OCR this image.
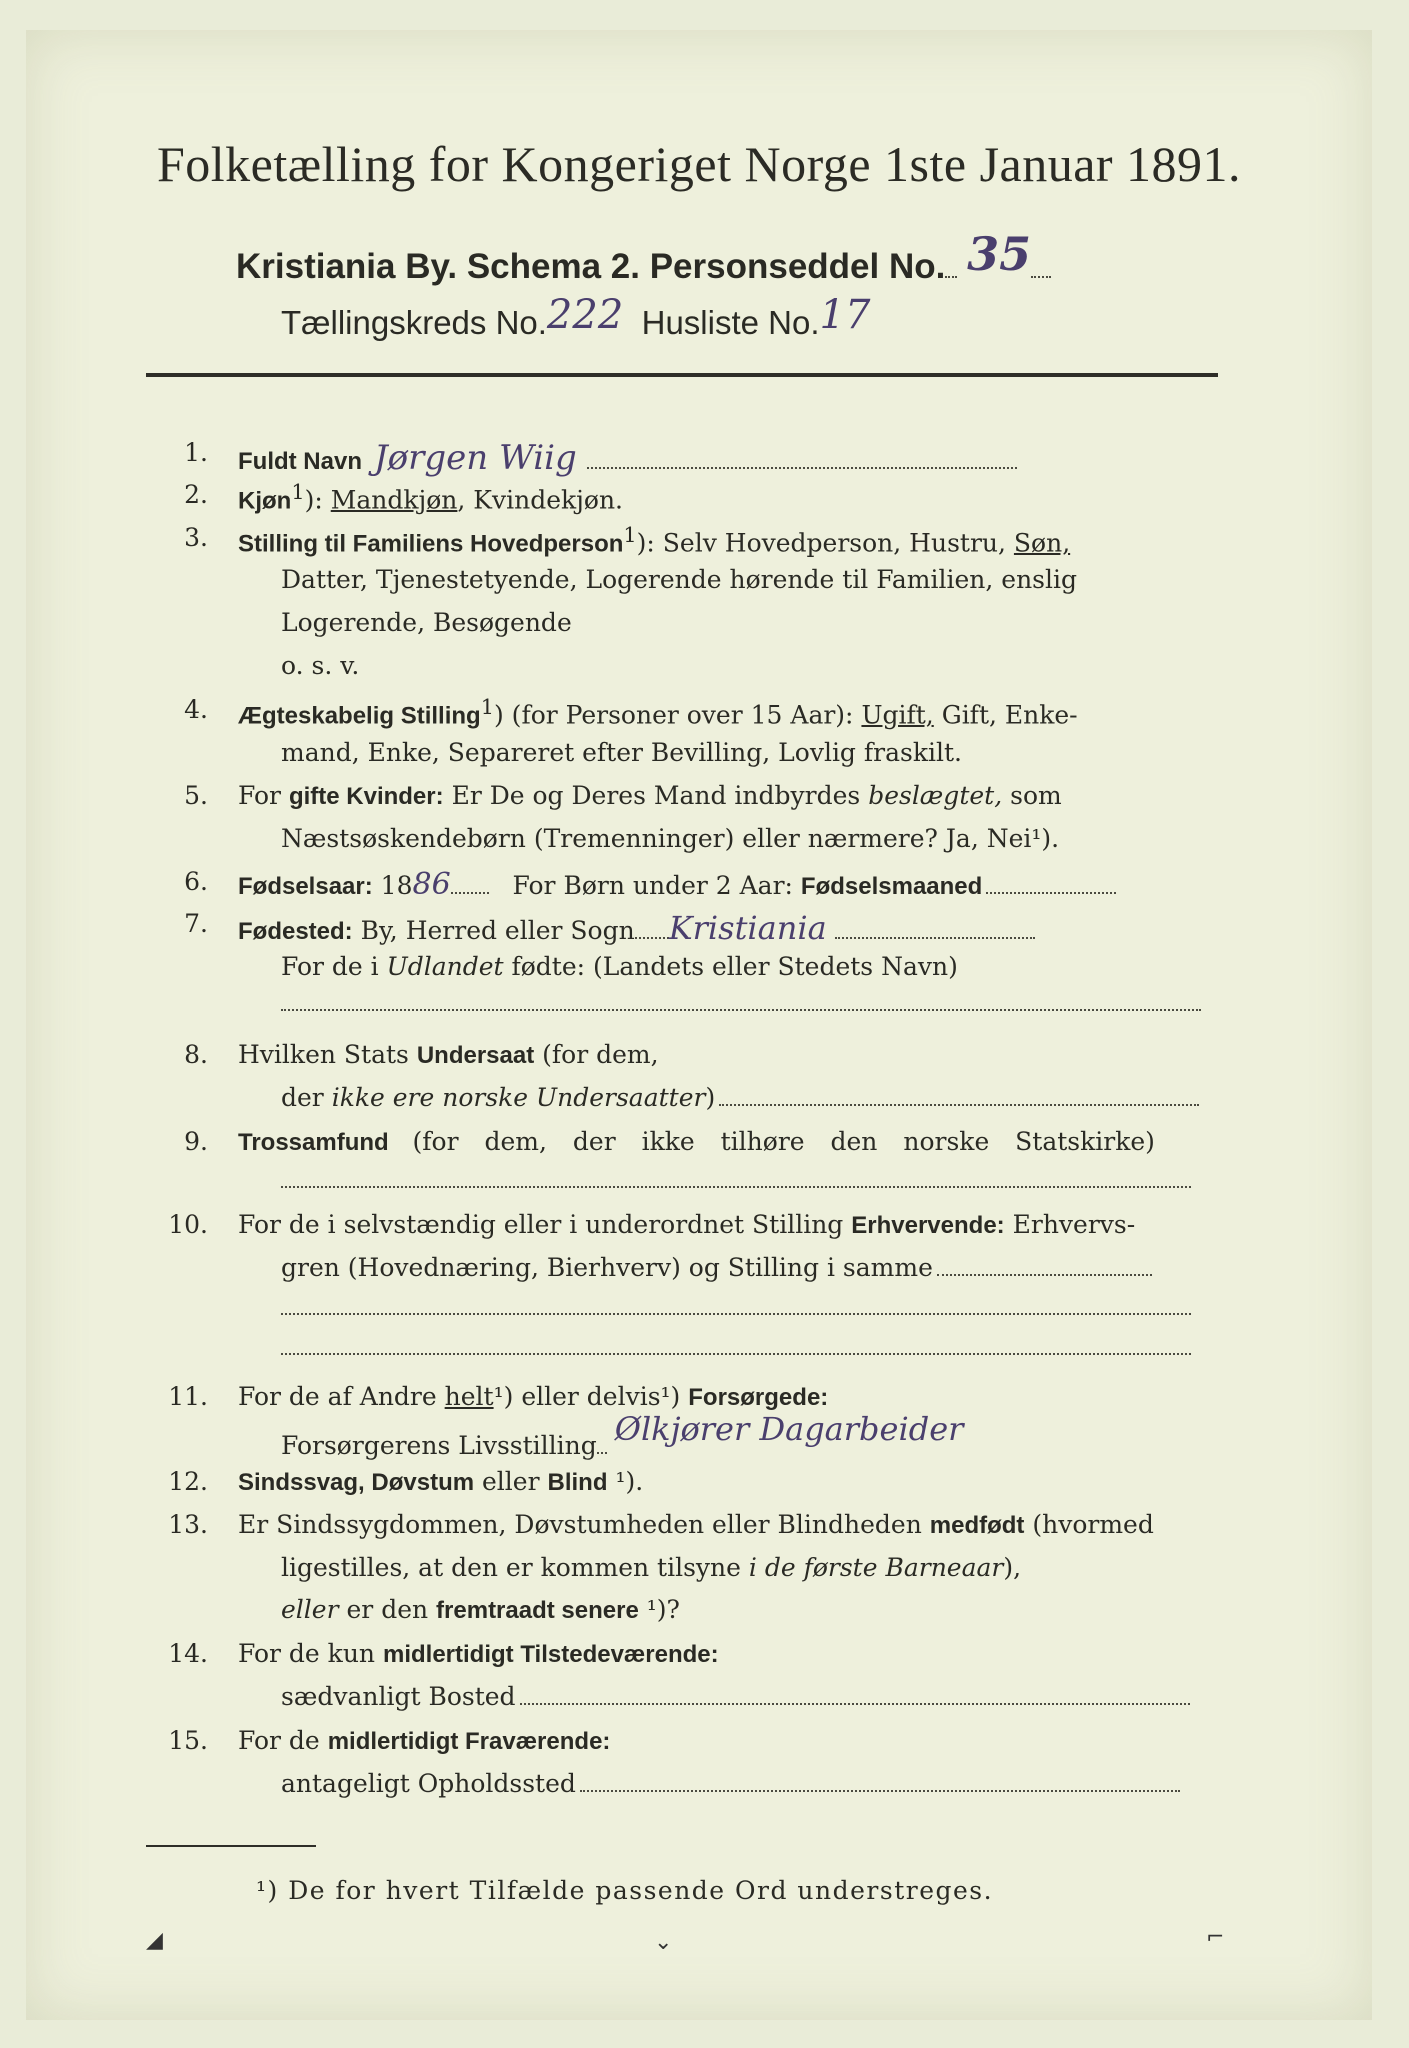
Folketælling for Kongeriget Norge 1ste Januar 1891.
Kristiania By. Schema 2. Personseddel No. 35
Tællingskreds No.222 Husliste No.17
1. Fuldt Navn Jørgen Wiig
2. Kjøn$^1$): Mandkjøn, Kvindekjøn.
3. Stilling til Familiens Hovedperson$^1$): Selv Hovedperson, Hustru, Søn,
Datter, Tjenestetyende, Logerende hørende til Familien, enslig
Logerende, Besøgende
o. s. v.
4. Ægteskabelig Stilling$^1$) (for Personer over 15 Aar): Ugift, Gift, Enke-
mand, Enke, Separeret efter Bevilling, Lovlig fraskilt.
5. For gifte Kvinder: Er De og Deres Mand indbyrdes beslægtet, som
Næstsøskendebørn (Tremenninger) eller nærmere? Ja, Nei¹).
6. Fødselsaar: 1886 For Børn under 2 Aar: Fødselsmaaned
7. Fødested: By, Herred eller Sogn Kristiania
For de i Udlandet fødte: (Landets eller Stedets Navn)
8. Hvilken Stats Undersaat (for dem,
der ikke ere norske Undersaatter)
9. Trossamfund (for dem, der ikke tilhøre den norske Statskirke)
10. For de i selvstændig eller i underordnet Stilling Erhvervende: Erhvervs-
gren (Hovednæring, Bierhverv) og Stilling i samme
11. For de af Andre helt¹) eller delvis¹) Forsørgede:
Forsørgerens Livsstilling Ølkjører Dagarbeider
12. Sindssvag, Døvstum eller Blind ¹).
13. Er Sindssygdommen, Døvstumheden eller Blindheden medfødt (hvormed
ligestilles, at den er kommen tilsyne i de første Barneaar),
eller er den fremtraadt senere ¹)?
14. For de kun midlertidigt Tilstedeværende:
sædvanligt Bosted
15. For de midlertidigt Fraværende:
antageligt Opholdssted
¹) De for hvert Tilfælde passende Ord understreges.
◢	⌄	⌐
